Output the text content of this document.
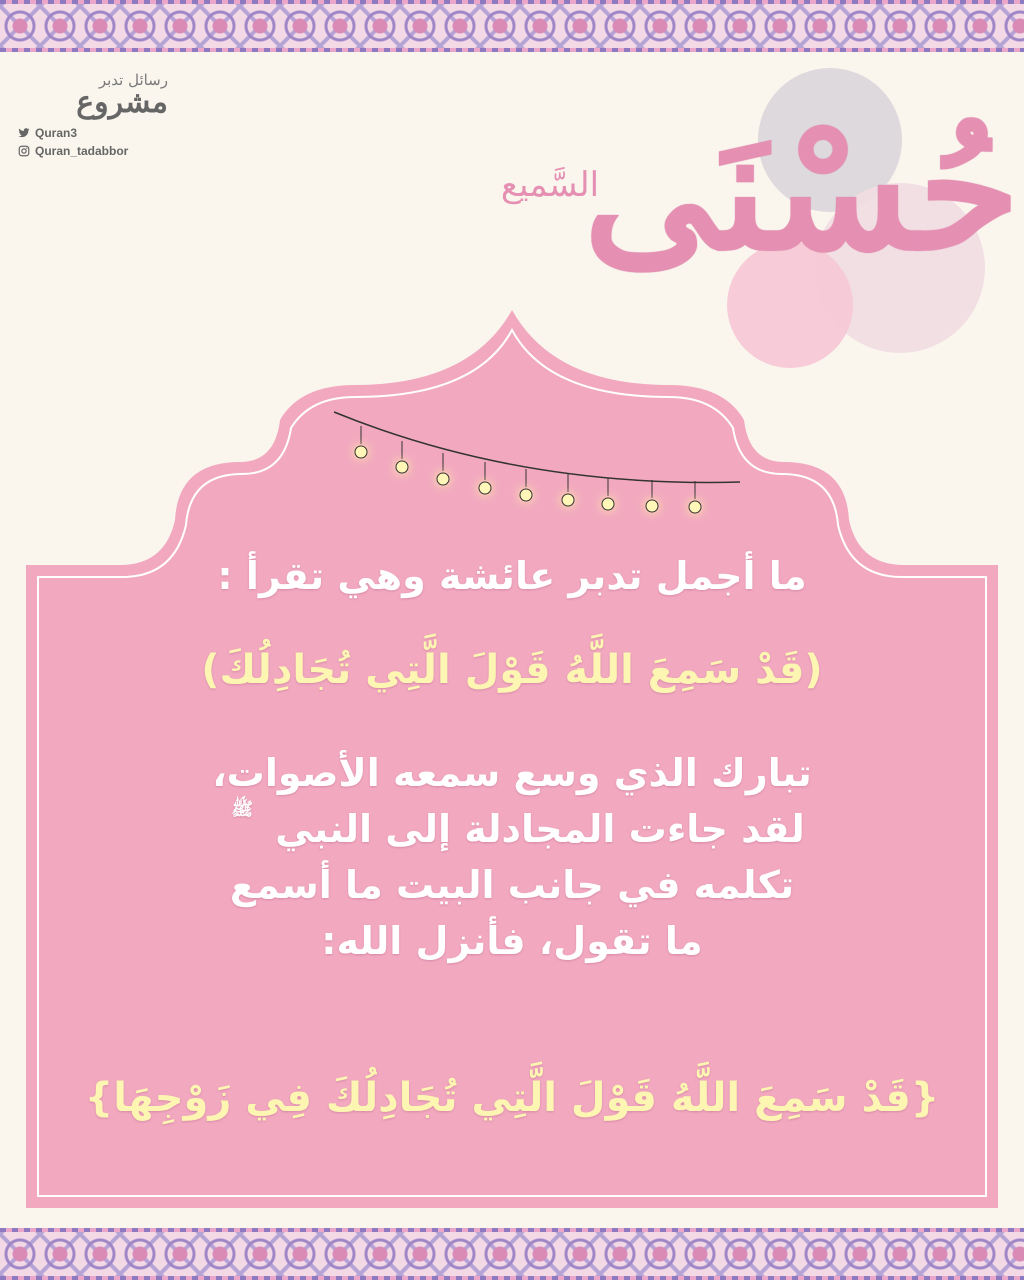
رسائل تدبر
مشروع
Quran3
Quran_tadabbor	حُسْنَى
السَّميع
ما أجمل تدبر عائشة وهي تقرأ :
(قَدْ سَمِعَ اللَّهُ قَوْلَ الَّتِي تُجَادِلُكَ)
تبارك الذي وسع سمعه الأصوات،
لقد جاءت المجادلة إلى النبيﷺ
تكلمه في جانب البيت ما أسمع
ما تقول، فأنزل الله:
{قَدْ سَمِعَ اللَّهُ قَوْلَ الَّتِي تُجَادِلُكَ فِي زَوْجِهَا}
